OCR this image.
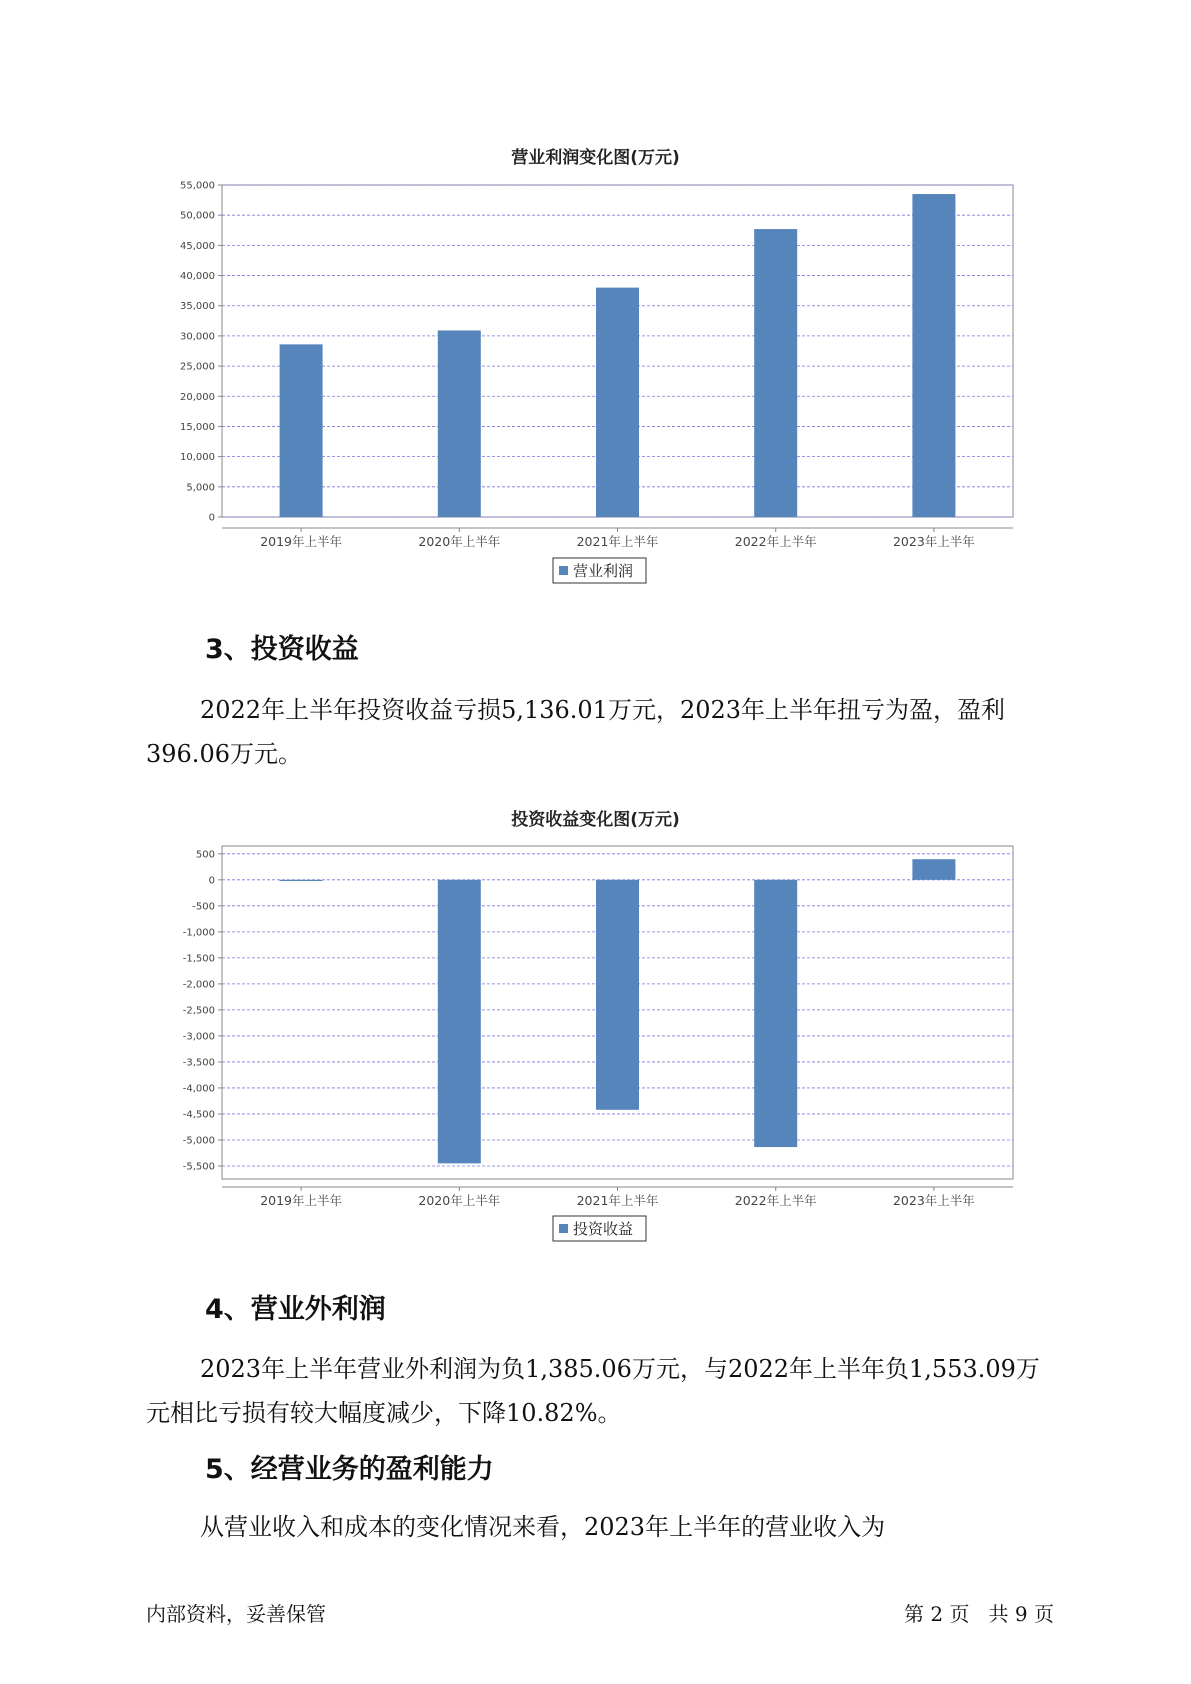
营业利润变化图(万元)
0
5,000
10,000
15,000
20,000
25,000
30,000
35,000
40,000
45,000
50,000
55,000
2019年上半年	2020年上半年	2021年上半年	2022年上半年	2023年上半年
营业利润
3、投资收益
2022年上半年投资收益亏损5,136.01万元，2023年上半年扭亏为盈，盈利396.06万元。
投资收益变化图(万元)
500
0
-500
-1,000
-1,500
-2,000
-2,500
-3,000
-3,500
-4,000
-4,500
-5,000
-5,500
2019年上半年	2020年上半年	2021年上半年	2022年上半年	2023年上半年
投资收益
4、营业外利润
2023年上半年营业外利润为负1,385.06万元，与2022年上半年负1,553.09万元相比亏损有较大幅度减少，下降10.82%。
5、经营业务的盈利能力
从营业收入和成本的变化情况来看，2023年上半年的营业收入为
内部资料，妥善保管	第 2 页   共 9 页
